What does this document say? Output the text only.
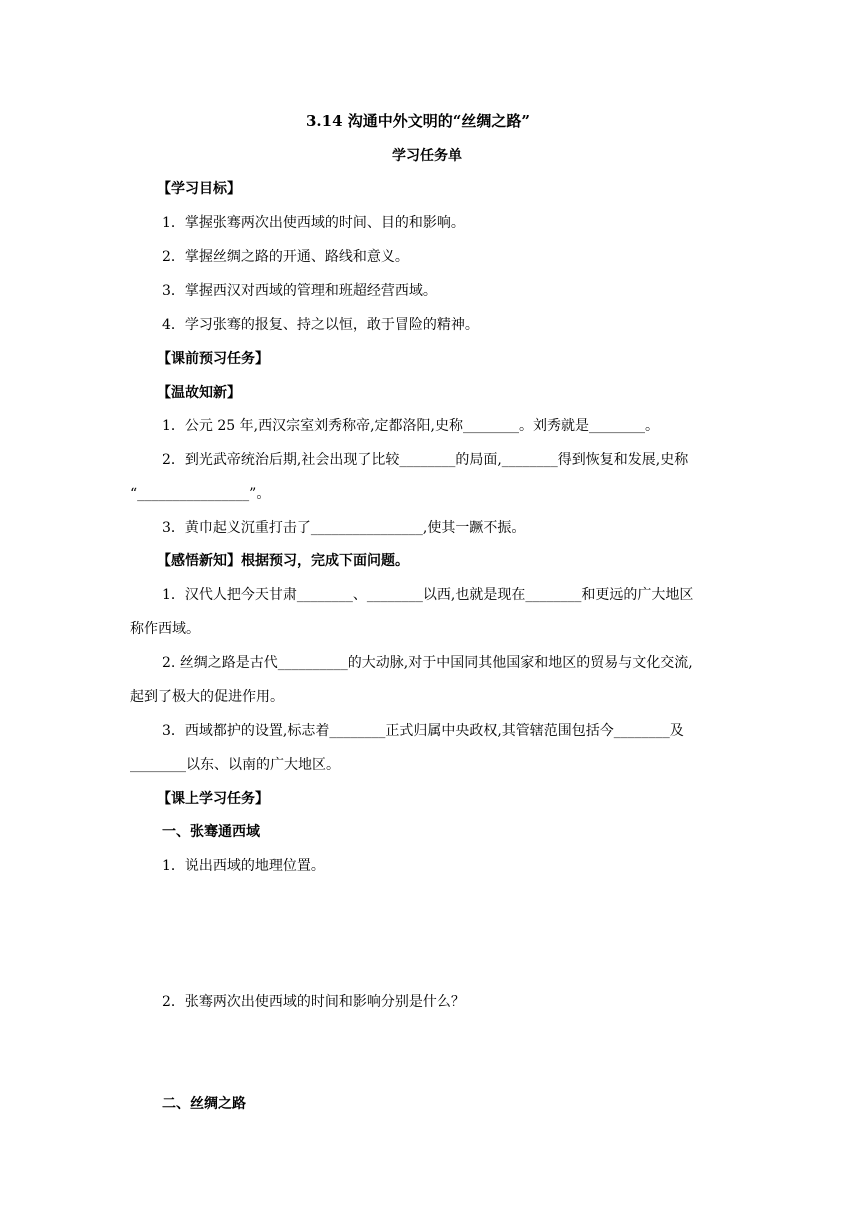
3.14 沟通中外文明的“丝绸之路”
学习任务单
【学习目标】
1．掌握张骞两次出使西域的时间、目的和影响。
2．掌握丝绸之路的开通、路线和意义。
3．掌握西汉对西域的管理和班超经营西域。
4．学习张骞的报复、持之以恒，敢于冒险的精神。
【课前预习任务】
【温故知新】
1．公元 25 年,西汉宗室刘秀称帝,定都洛阳,史称________。刘秀就是________。
2．到光武帝统治后期,社会出现了比较________的局面,________得到恢复和发展,史称
“________________”。
3．黄巾起义沉重打击了________________,使其一蹶不振。
【感悟新知】根据预习，完成下面问题。
1．汉代人把今天甘肃________、________以西,也就是现在________和更远的广大地区
称作西域。
2. 丝绸之路是古代__________的大动脉,对于中国同其他国家和地区的贸易与文化交流,
起到了极大的促进作用。
3．西域都护的设置,标志着________正式归属中央政权,其管辖范围包括今________及
________以东、以南的广大地区。
【课上学习任务】
一、张骞通西域
1．说出西域的地理位置。
2．张骞两次出使西域的时间和影响分别是什么？
二、丝绸之路
